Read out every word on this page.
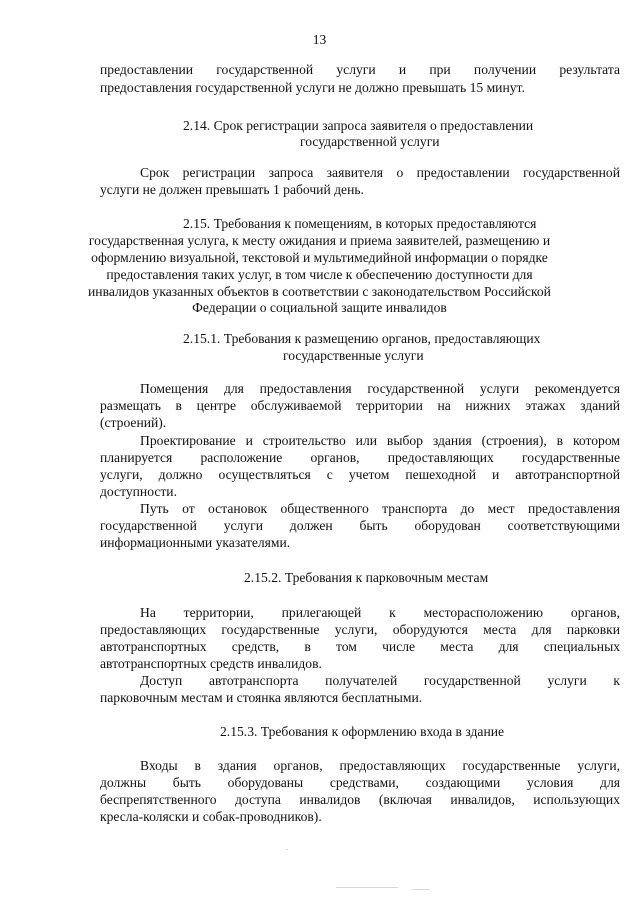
13
предоставлении государственной услуги и при получении результата
предоставления государственной услуги не должно превышать 15 минут.
2.14. Срок регистрации запроса заявителя о предоставлении
государственной услуги
Срок регистрации запроса заявителя о предоставлении государственной
услуги не должен превышать 1 рабочий день.
2.15. Требования к помещениям, в которых предоставляются
государственная услуга, к месту ожидания и приема заявителей, размещению и
оформлению визуальной, текстовой и мультимедийной информации о порядке
предоставления таких услуг, в том числе к обеспечению доступности для
инвалидов указанных объектов в соответствии с законодательством Российской
Федерации о социальной защите инвалидов
2.15.1. Требования к размещению органов, предоставляющих
государственные услуги
Помещения для предоставления государственной услуги рекомендуется
размещать в центре обслуживаемой территории на нижних этажах зданий
(строений).
Проектирование и строительство или выбор здания (строения), в котором
планируется расположение органов, предоставляющих государственные
услуги, должно осуществляться с учетом пешеходной и автотранспортной
доступности.
Путь от остановок общественного транспорта до мест предоставления
государственной услуги должен быть оборудован соответствующими
информационными указателями.
2.15.2. Требования к парковочным местам
На территории, прилегающей к месторасположению органов,
предоставляющих государственные услуги, оборудуются места для парковки
автотранспортных средств, в том числе места для специальных
автотранспортных средств инвалидов.
Доступ автотранспорта получателей государственной услуги к
парковочным местам и стоянка являются бесплатными.
2.15.3. Требования к оформлению входа в здание
Входы в здания органов, предоставляющих государственные услуги,
должны быть оборудованы средствами, создающими условия для
беспрепятственного доступа инвалидов (включая инвалидов, использующих
кресла-коляски и собак-проводников).
